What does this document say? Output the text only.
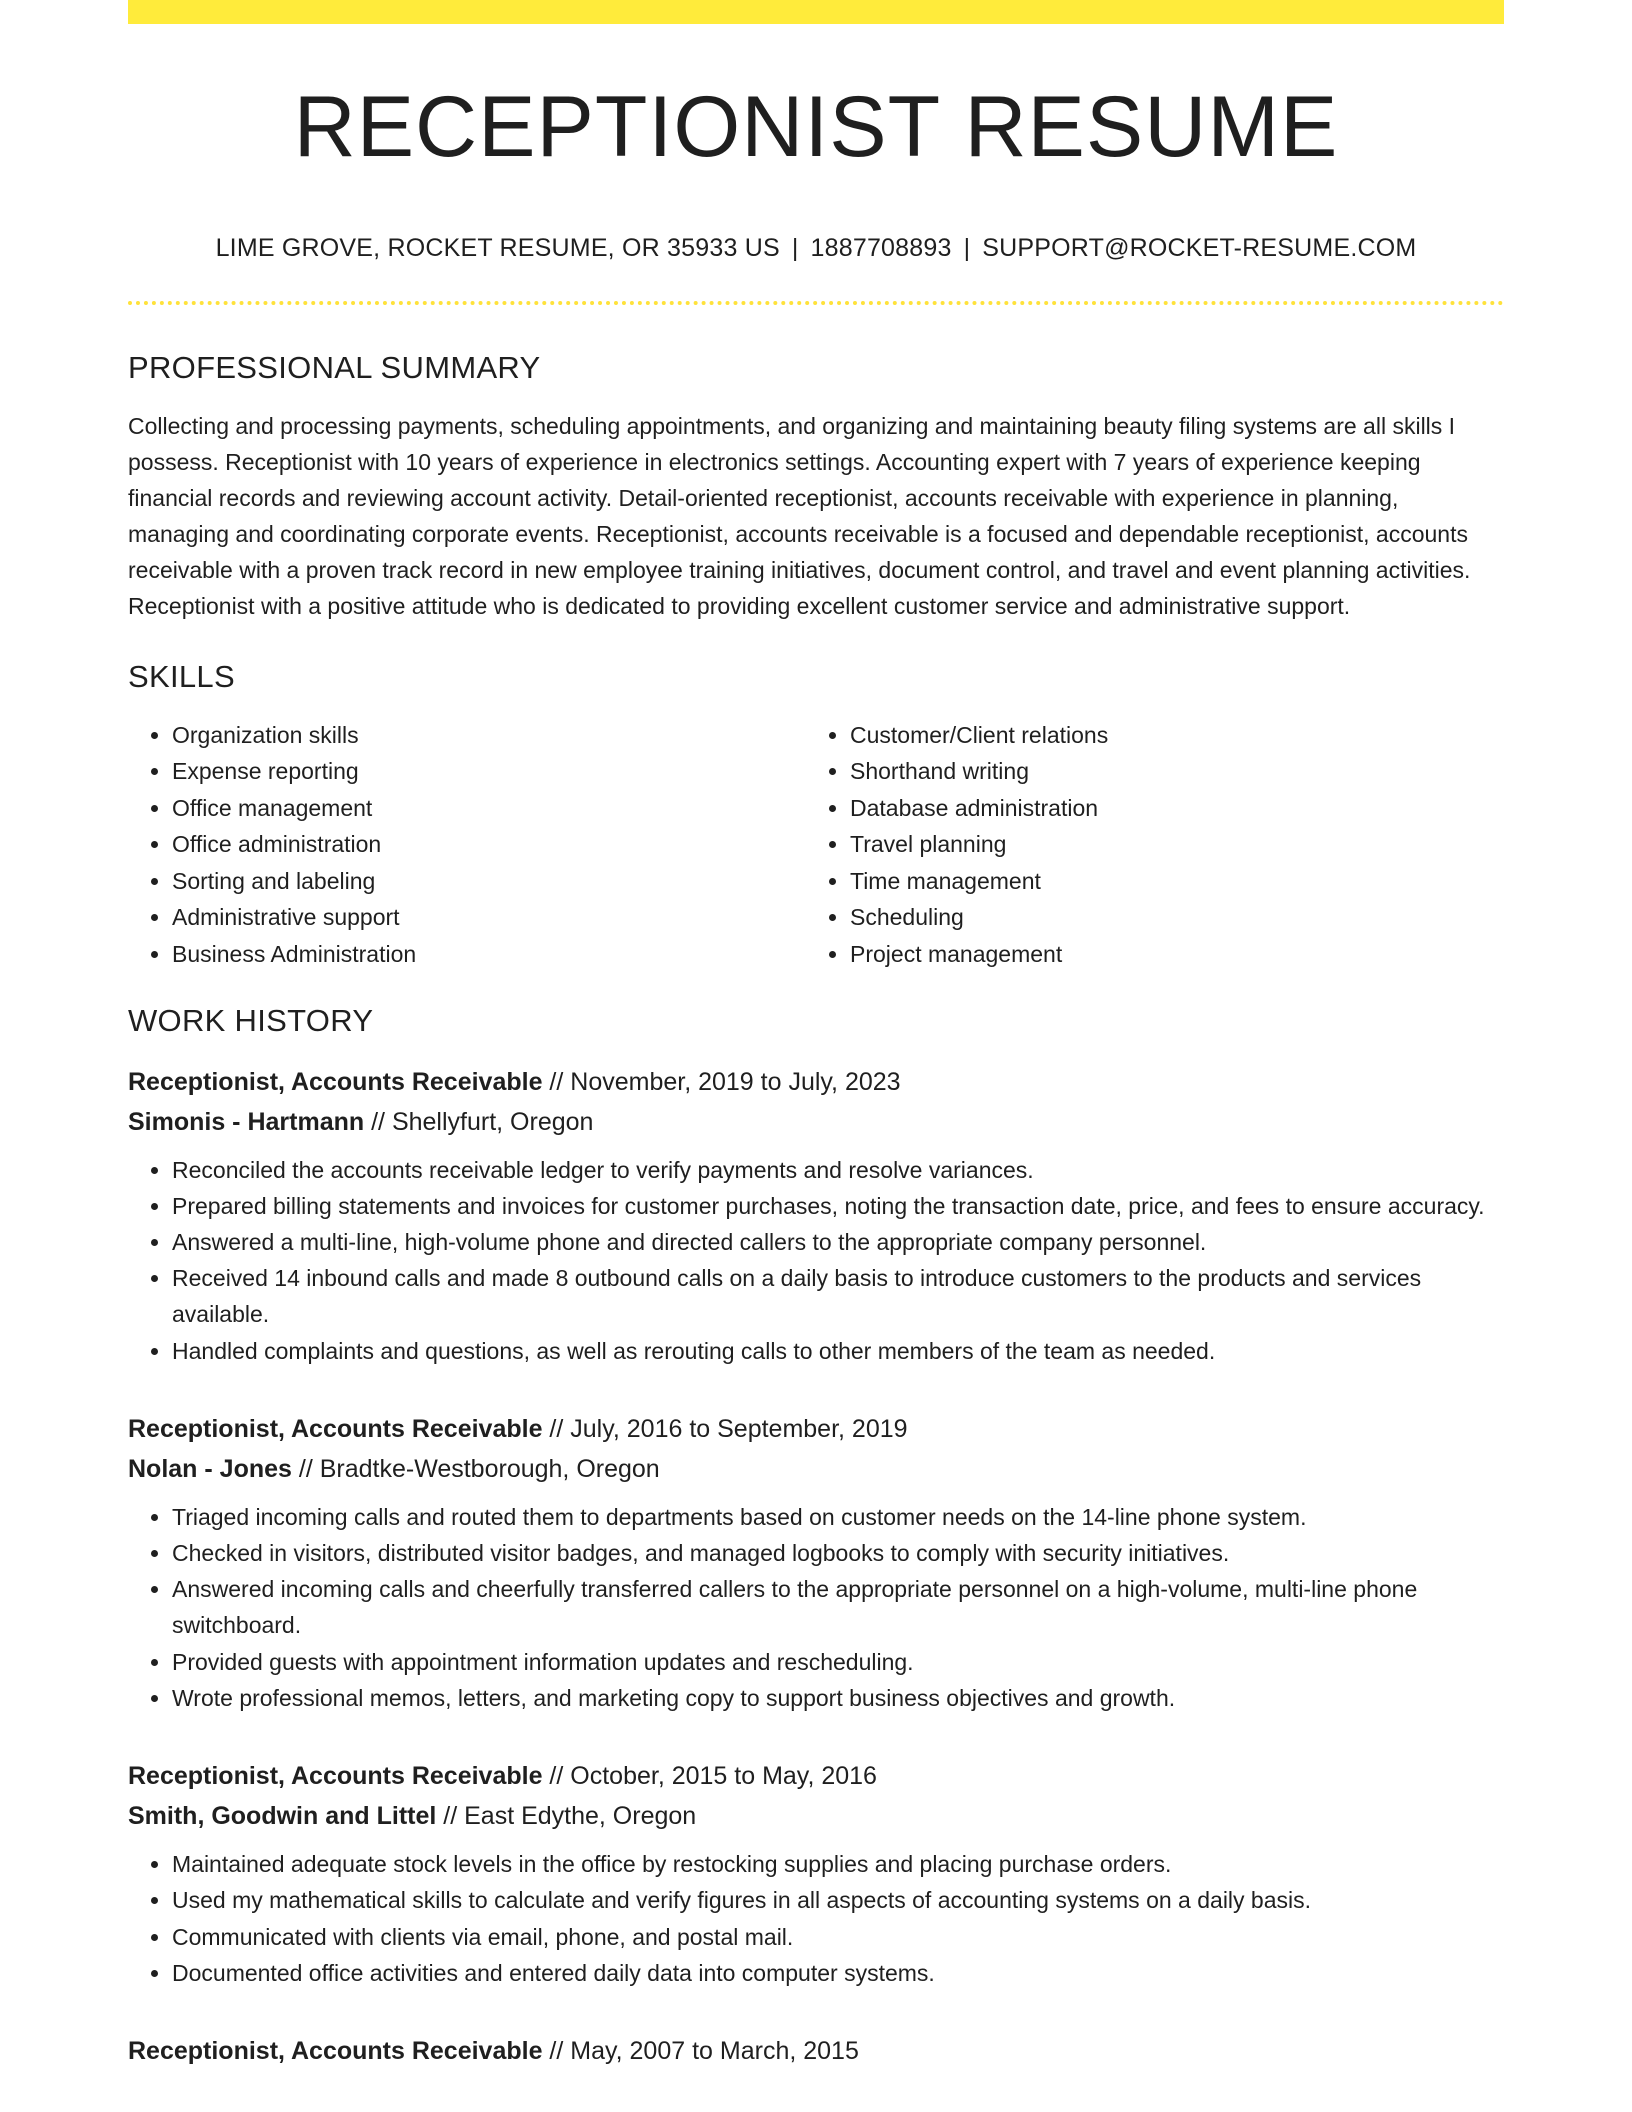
RECEPTIONIST RESUME
LIME GROVE, ROCKET RESUME, OR 35933 US | 1887708893 | SUPPORT@ROCKET-RESUME.COM
PROFESSIONAL SUMMARY
Collecting and processing payments, scheduling appointments, and organizing and maintaining beauty filing systems are all skills I possess. Receptionist with 10 years of experience in electronics settings. Accounting expert with 7 years of experience keeping financial records and reviewing account activity. Detail-oriented receptionist, accounts receivable with experience in planning, managing and coordinating corporate events. Receptionist, accounts receivable is a focused and dependable receptionist, accounts receivable with a proven track record in new employee training initiatives, document control, and travel and event planning activities. Receptionist with a positive attitude who is dedicated to providing excellent customer service and administrative support.
SKILLS
• Organization skills
• Expense reporting
• Office management
• Office administration
• Sorting and labeling
• Administrative support
• Business Administration
• Customer/Client relations
• Shorthand writing
• Database administration
• Travel planning
• Time management
• Scheduling
• Project management
WORK HISTORY
Receptionist, Accounts Receivable // November, 2019 to July, 2023
Simonis - Hartmann // Shellyfurt, Oregon
• Reconciled the accounts receivable ledger to verify payments and resolve variances.
• Prepared billing statements and invoices for customer purchases, noting the transaction date, price, and fees to ensure accuracy.
• Answered a multi-line, high-volume phone and directed callers to the appropriate company personnel.
• Received 14 inbound calls and made 8 outbound calls on a daily basis to introduce customers to the products and services available.
• Handled complaints and questions, as well as rerouting calls to other members of the team as needed.
Receptionist, Accounts Receivable // July, 2016 to September, 2019
Nolan - Jones // Bradtke-Westborough, Oregon
• Triaged incoming calls and routed them to departments based on customer needs on the 14-line phone system.
• Checked in visitors, distributed visitor badges, and managed logbooks to comply with security initiatives.
• Answered incoming calls and cheerfully transferred callers to the appropriate personnel on a high-volume, multi-line phone switchboard.
• Provided guests with appointment information updates and rescheduling.
• Wrote professional memos, letters, and marketing copy to support business objectives and growth.
Receptionist, Accounts Receivable // October, 2015 to May, 2016
Smith, Goodwin and Littel // East Edythe, Oregon
• Maintained adequate stock levels in the office by restocking supplies and placing purchase orders.
• Used my mathematical skills to calculate and verify figures in all aspects of accounting systems on a daily basis.
• Communicated with clients via email, phone, and postal mail.
• Documented office activities and entered daily data into computer systems.
Receptionist, Accounts Receivable // May, 2007 to March, 2015
